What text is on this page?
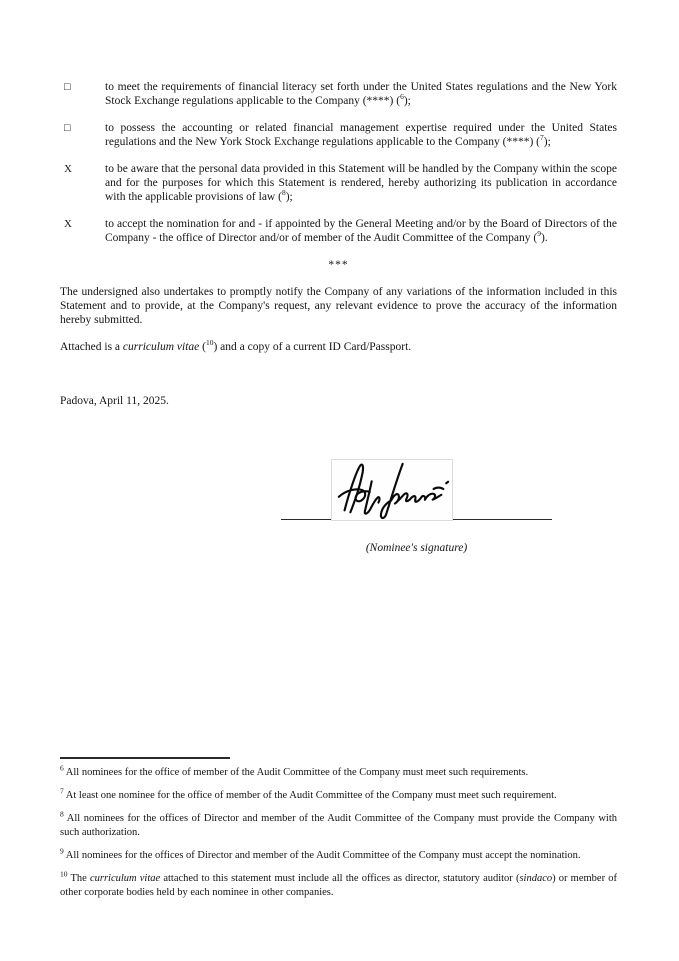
□	to meet the requirements of financial literacy set forth under the United States regulations and the New York Stock Exchange regulations applicable to the Company (****) ($^6$);

□	to possess the accounting or related financial management expertise required under the United States regulations and the New York Stock Exchange regulations applicable to the Company (****) ($^7$);

X	to be aware that the personal data provided in this Statement will be handled by the Company within the scope and for the purposes for which this Statement is rendered, hereby authorizing its publication in accordance with the applicable provisions of law ($^8$);

X	to accept the nomination for and - if appointed by the General Meeting and/or by the Board of Directors of the Company - the office of Director and/or of member of the Audit Committee of the Company ($^9$).

***

The undersigned also undertakes to promptly notify the Company of any variations of the information included in this Statement and to provide, at the Company's request, any relevant evidence to prove the accuracy of the information hereby submitted.

Attached is a curriculum vitae ($^{10}$) and a copy of a current ID Card/Passport.

Padova, April 11, 2025.

(Nominee's signature)

$^6$ All nominees for the office of member of the Audit Committee of the Company must meet such requirements.

$^7$ At least one nominee for the office of member of the Audit Committee of the Company must meet such requirement.

$^8$ All nominees for the offices of Director and member of the Audit Committee of the Company must provide the Company with such authorization.

$^9$ All nominees for the offices of Director and member of the Audit Committee of the Company must accept the nomination.

$^{10}$ The curriculum vitae attached to this statement must include all the offices as director, statutory auditor (sindaco) or member of other corporate bodies held by each nominee in other companies.
